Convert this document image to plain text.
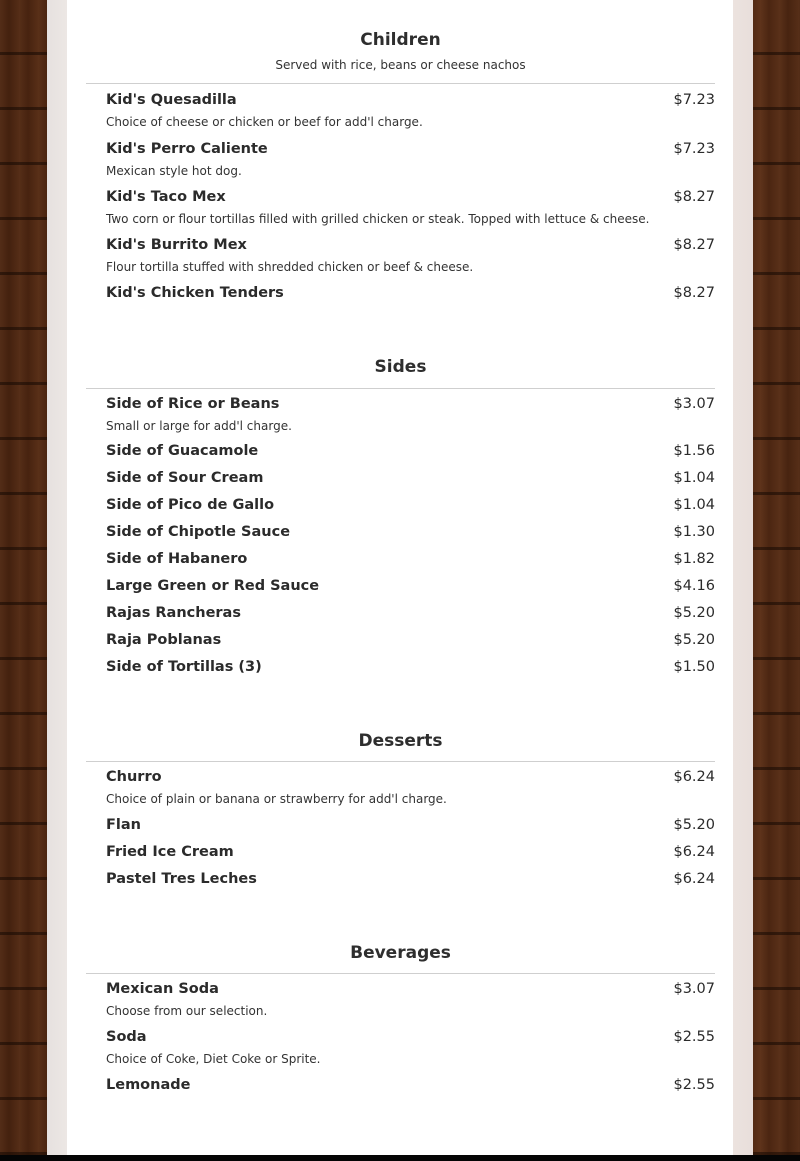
Children
Served with rice, beans or cheese nachos
Kid's Quesadilla	$7.23
Choice of cheese or chicken or beef for add'l charge.
Kid's Perro Caliente	$7.23
Mexican style hot dog.
Kid's Taco Mex	$8.27
Two corn or flour tortillas filled with grilled chicken or steak. Topped with lettuce & cheese.
Kid's Burrito Mex	$8.27
Flour tortilla stuffed with shredded chicken or beef & cheese.
Kid's Chicken Tenders	$8.27
Sides
Side of Rice or Beans	$3.07
Small or large for add'l charge.
Side of Guacamole	$1.56
Side of Sour Cream	$1.04
Side of Pico de Gallo	$1.04
Side of Chipotle Sauce	$1.30
Side of Habanero	$1.82
Large Green or Red Sauce	$4.16
Rajas Rancheras	$5.20
Raja Poblanas	$5.20
Side of Tortillas (3)	$1.50
Desserts
Churro	$6.24
Choice of plain or banana or strawberry for add'l charge.
Flan	$5.20
Fried Ice Cream	$6.24
Pastel Tres Leches	$6.24
Beverages
Mexican Soda	$3.07
Choose from our selection.
Soda	$2.55
Choice of Coke, Diet Coke or Sprite.
Lemonade	$2.55
